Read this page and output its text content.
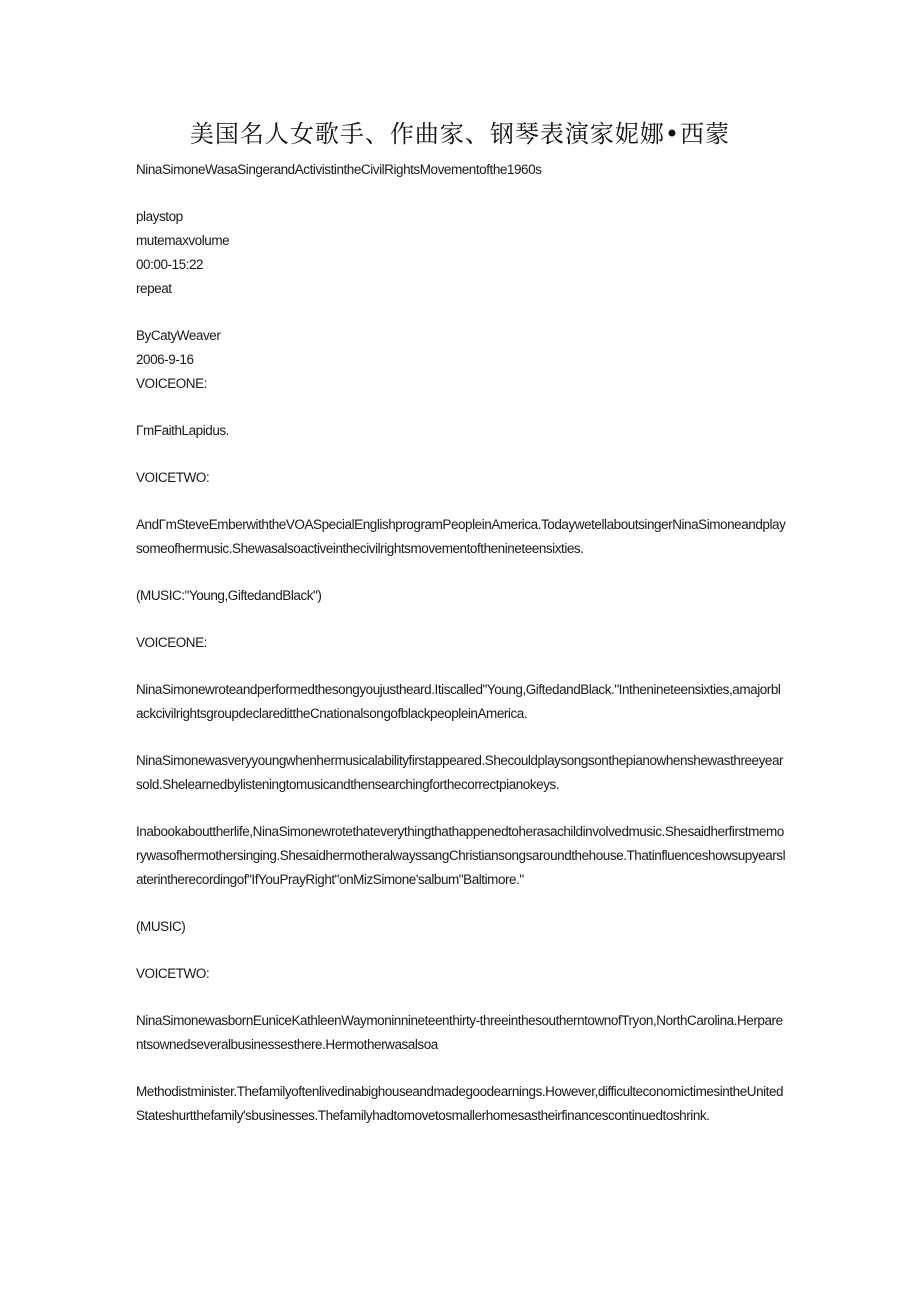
美国名人女歌手、作曲家、钢琴表演家妮娜•西蒙

NinaSimoneWasaSingerandActivistintheCivilRightsMovementofthe1960s

playstop

mutemaxvolume

00:00-15:22

repeat

ByCatyWeaver

2006-9-16

VOICEONE:

ΓmFaithLapidus.

VOICETWO:

AndΓmSteveEmberwiththeVOASpecialEnglishprogramPeopleinAmerica.TodaywetellaboutsingerNinaSimoneandplaysomeofhermusic.Shewasalsoactiveinthecivilrightsmovementofthenineteensixties.

(MUSIC:"Young,GiftedandBlack")

VOICEONE:

NinaSimonewroteandperformedthesongyoujustheard.Itiscalled"Young,GiftedandBlack."Inthenineteensixties,amajorblackcivilrightsgroupdeclaredittheCnationalsongofblackpeopleinAmerica.

NinaSimonewasveryyoungwhenhermusicalabilityfirstappeared.Shecouldplaysongsonthepianowhenshewasthreeyearsold.Shelearnedbylisteningtomusicandthensearchingforthecorrectpianokeys.

Inabookabouttherlife,NinaSimonewrotethateverythingthathappenedtoherasachildinvolvedmusic.Shesaidherfirstmemorywasofhermothersinging.ShesaidhermotheralwayssangChristiansongsaroundthehouse.Thatinfluenceshowsupyearslaterintherecordingof"IfYouPrayRight"onMizSimone'salbum"Baltimore."

(MUSIC)

VOICETWO:

NinaSimonewasbornEuniceKathleenWaymoninnineteenthirty-threeinthesoutherntownofTryon,NorthCarolina.Herparentsownedseveralbusinessesthere.Hermotherwasalsoa

Methodistminister.Thefamilyoftenlivedinabighouseandmadegoodearnings.However,difficulteconomictimesintheUnitedStateshurtthefamily'sbusinesses.Thefamilyhadtomovetosmallerhomesastheirfinancescontinuedtoshrink.
